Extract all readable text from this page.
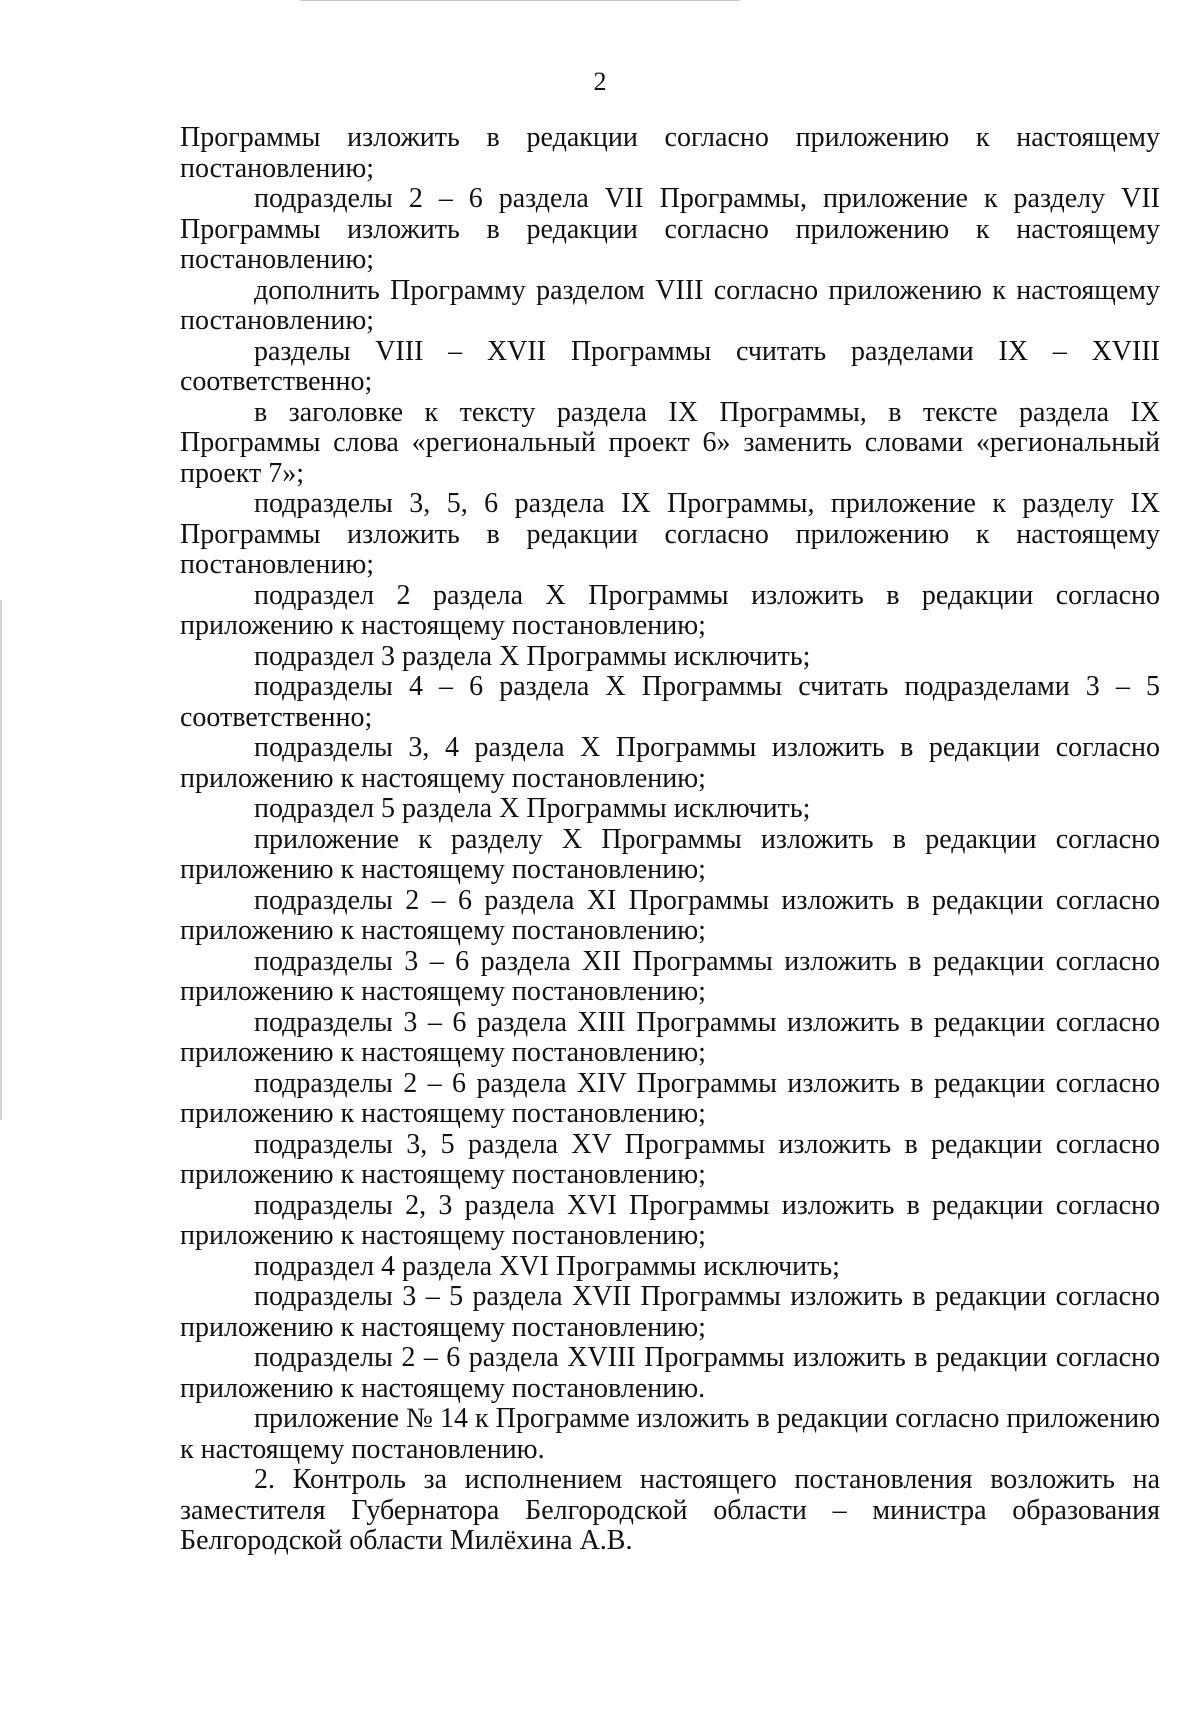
2

Программы изложить в редакции согласно приложению к настоящему постановлению;

подразделы 2 – 6 раздела VII Программы, приложение к разделу VII Программы изложить в редакции согласно приложению к настоящему постановлению;

дополнить Программу разделом VIII согласно приложению к настоящему постановлению;

разделы VIII – XVII Программы считать разделами IX – XVIII соответственно;

в заголовке к тексту раздела IX Программы, в тексте раздела IX Программы слова «региональный проект 6» заменить словами «региональный проект 7»;

подразделы 3, 5, 6 раздела IX Программы, приложение к разделу IX Программы изложить в редакции согласно приложению к настоящему постановлению;

подраздел 2 раздела X Программы изложить в редакции согласно приложению к настоящему постановлению;

подраздел 3 раздела X Программы исключить;

подразделы 4 – 6 раздела X Программы считать подразделами 3 – 5 соответственно;

подразделы 3, 4 раздела X Программы изложить в редакции согласно приложению к настоящему постановлению;

подраздел 5 раздела X Программы исключить;

приложение к разделу X Программы изложить в редакции согласно приложению к настоящему постановлению;

подразделы 2 – 6 раздела XI Программы изложить в редакции согласно приложению к настоящему постановлению;

подразделы 3 – 6 раздела XII Программы изложить в редакции согласно приложению к настоящему постановлению;

подразделы 3 – 6 раздела XIII Программы изложить в редакции согласно приложению к настоящему постановлению;

подразделы 2 – 6 раздела XIV Программы изложить в редакции согласно приложению к настоящему постановлению;

подразделы 3, 5 раздела XV Программы изложить в редакции согласно приложению к настоящему постановлению;

подразделы 2, 3 раздела XVI Программы изложить в редакции согласно приложению к настоящему постановлению;

подраздел 4 раздела XVI Программы исключить;

подразделы 3 – 5 раздела XVII Программы изложить в редакции согласно приложению к настоящему постановлению;

подразделы 2 – 6 раздела XVIII Программы изложить в редакции согласно приложению к настоящему постановлению.

приложение № 14 к Программе изложить в редакции согласно приложению к настоящему постановлению.

2. Контроль за исполнением настоящего постановления возложить на заместителя Губернатора Белгородской области – министра образования Белгородской области Милёхина А.В.
